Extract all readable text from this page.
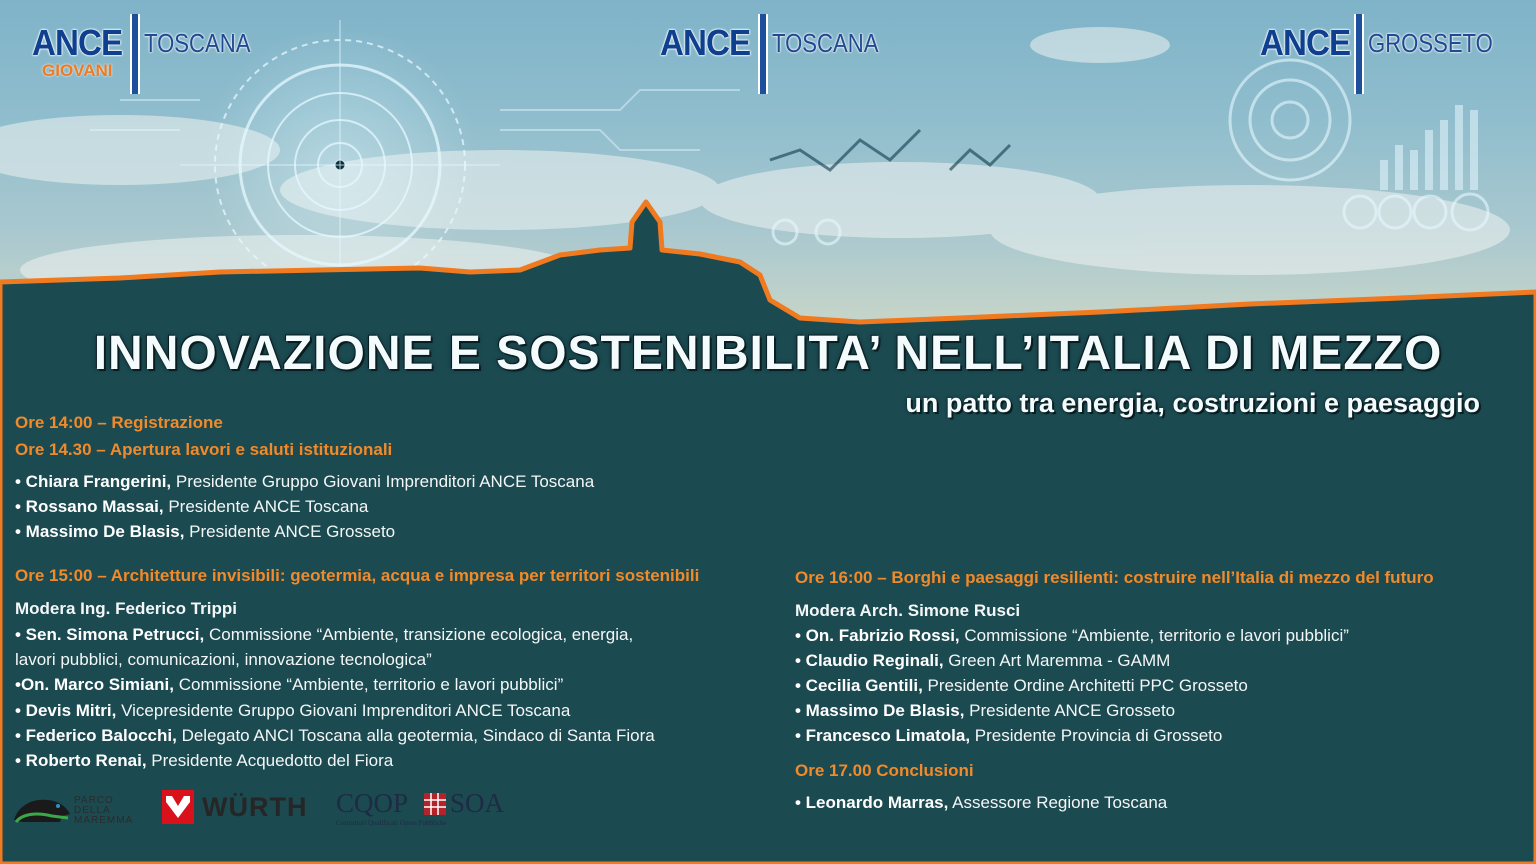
ANCE
GIOVANI
TOSCANA	ANCE TOSCANA	ANCE GROSSETO
INNOVAZIONE E SOSTENIBILITA’ NELL’ITALIA DI MEZZO
un patto tra energia, costruzioni e paesaggio
Ore 14:00 – Registrazione
Ore 14.30 – Apertura lavori e saluti istituzionali
• Chiara Frangerini, Presidente Gruppo Giovani Imprenditori ANCE Toscana
• Rossano Massai, Presidente ANCE Toscana
• Massimo De Blasis, Presidente ANCE Grosseto
Ore 15:00 – Architetture invisibili: geotermia, acqua e impresa per territori sostenibili
Modera Ing. Federico Trippi
• Sen. Simona Petrucci, Commissione “Ambiente, transizione ecologica, energia,
lavori pubblici, comunicazioni, innovazione tecnologica”
•On. Marco Simiani, Commissione “Ambiente, territorio e lavori pubblici”
• Devis Mitri, Vicepresidente Gruppo Giovani Imprenditori ANCE Toscana
• Federico Balocchi, Delegato ANCI Toscana alla geotermia, Sindaco di Santa Fiora
• Roberto Renai, Presidente Acquedotto del Fiora
Ore 16:00 – Borghi e paesaggi resilienti: costruire nell’Italia di mezzo del futuro
Modera Arch. Simone Rusci
• On. Fabrizio Rossi, Commissione “Ambiente, territorio e lavori pubblici”
• Claudio Reginali, Green Art Maremma - GAMM
• Cecilia Gentili, Presidente Ordine Architetti PPC Grosseto
• Massimo De Blasis, Presidente ANCE Grosseto
• Francesco Limatola, Presidente Provincia di Grosseto
Ore 17.00 Conclusioni
• Leonardo Marras, Assessore Regione Toscana
PARCO
DELLA
MAREMMA	WÜRTH CQOP SOA
Costruttori Qualificati Opere Pubbliche
